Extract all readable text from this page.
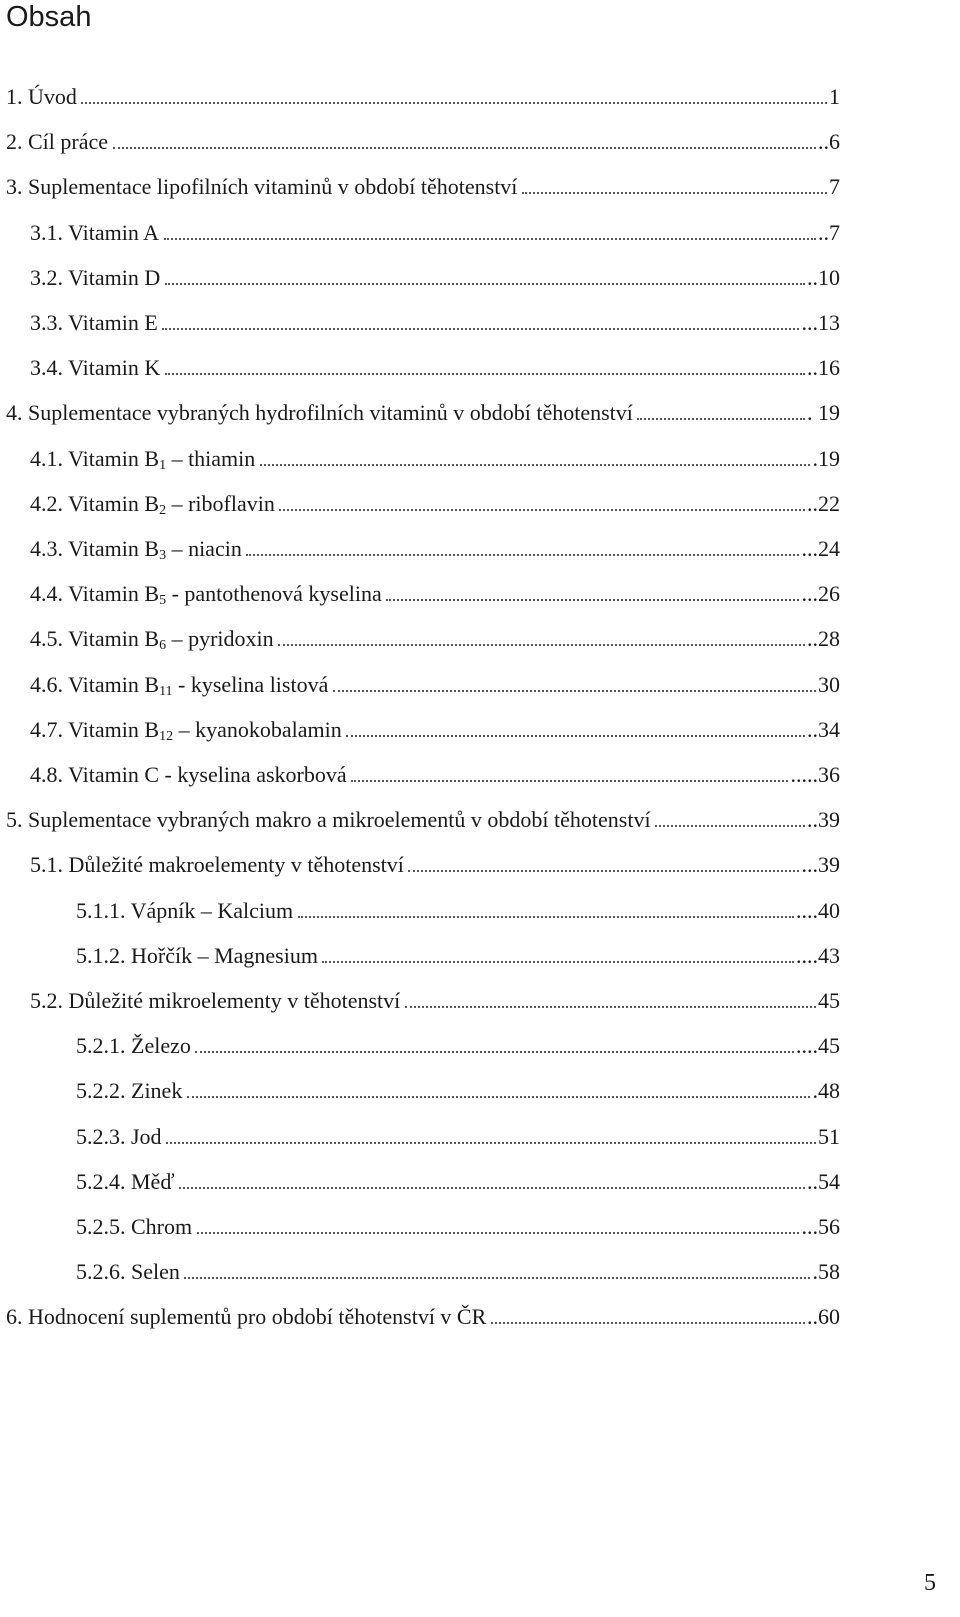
Obsah
1. Úvod	1
2. Cíl práce	..6
3. Suplementace lipofilních vitaminů v období těhotenství	7
3.1. Vitamin A	..7
3.2. Vitamin D	..10
3.3. Vitamin E	...13
3.4. Vitamin K	..16
4. Suplementace vybraných hydrofilních vitaminů v období těhotenství	. 19
4.1. Vitamin $B_1$ – thiamin	.19
4.2. Vitamin $B_2$ – riboflavin	..22
4.3. Vitamin $B_3$ – niacin	...24
4.4. Vitamin $B_5$ - pantothenová kyselina	...26
4.5. Vitamin $B_6$ – pyridoxin	..28
4.6. Vitamin $B_{11}$ - kyselina listová	30
4.7. Vitamin $B_{12}$ – kyanokobalamin	..34
4.8. Vitamin C - kyselina askorbová	.....36
5. Suplementace vybraných makro a mikroelementů v období těhotenství	..39
5.1. Důležité makroelementy v těhotenství	...39
5.1.1. Vápník – Kalcium	....40
5.1.2. Hořčík – Magnesium	....43
5.2. Důležité mikroelementy v těhotenství	45
5.2.1. Železo	....45
5.2.2. Zinek	.48
5.2.3. Jod	51
5.2.4. Měď	..54
5.2.5. Chrom	...56
5.2.6. Selen	.58
6. Hodnocení suplementů pro období těhotenství v ČR	..60
5
